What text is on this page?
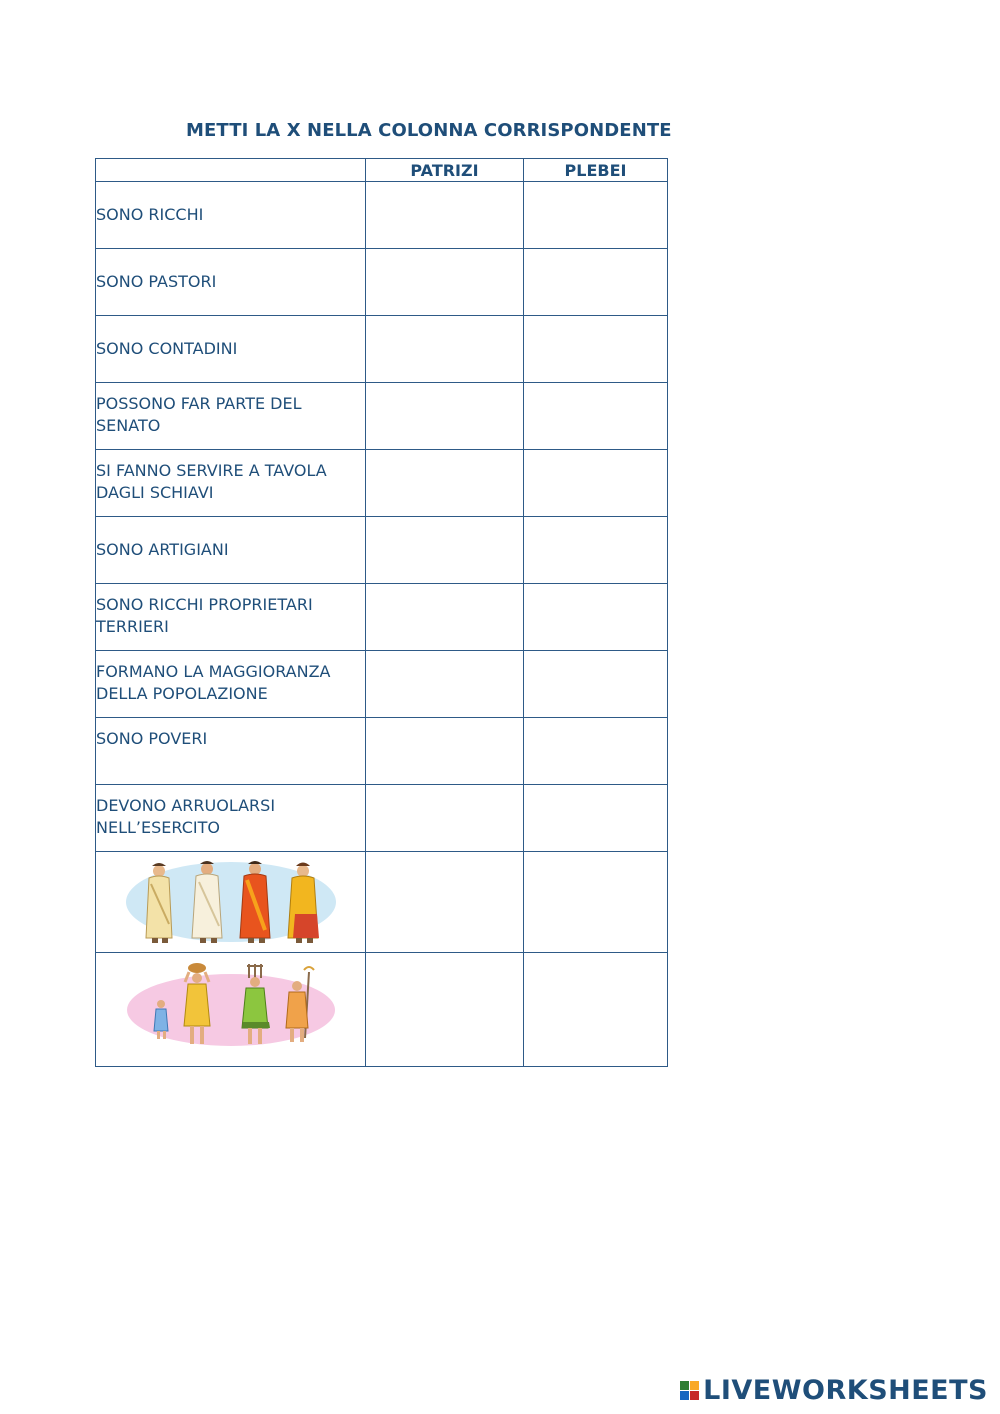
METTI LA X NELLA COLONNA CORRISPONDENTE
	PATRIZI	PLEBEI
SONO RICCHI		
SONO PASTORI		
SONO CONTADINI		
POSSONO FAR PARTE DEL SENATO		
SI FANNO SERVIRE A TAVOLA DAGLI SCHIAVI		
SONO ARTIGIANI		
SONO RICCHI PROPRIETARI TERRIERI		
FORMANO LA MAGGIORANZA DELLA POPOLAZIONE		
SONO POVERI		
DEVONO ARRUOLARSI NELL’ESERCITO		

LIVEWORKSHEETS
